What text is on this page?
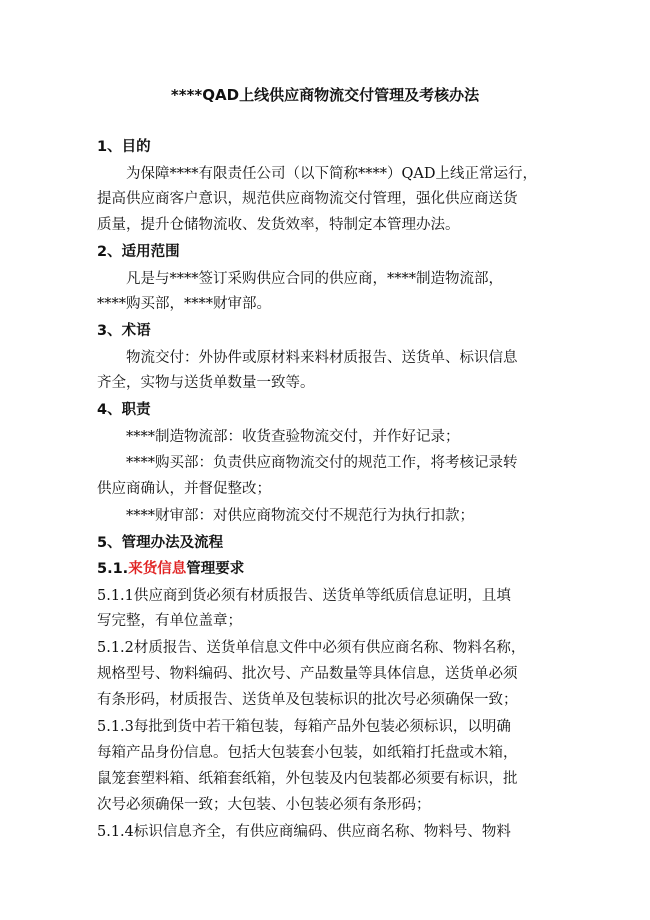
****QAD上线供应商物流交付管理及考核办法
1、目的
为保障****有限责任公司（以下简称****）QAD上线正常运行，
提高供应商客户意识，规范供应商物流交付管理，强化供应商送货
质量，提升仓储物流收、发货效率，特制定本管理办法。
2、适用范围
凡是与****签订采购供应合同的供应商，****制造物流部，
****购买部，****财审部。
3、术语
物流交付：外协件或原材料来料材质报告、送货单、标识信息
齐全，实物与送货单数量一致等。
4、职责
****制造物流部：收货查验物流交付，并作好记录；
****购买部：负责供应商物流交付的规范工作，将考核记录转
供应商确认，并督促整改；
****财审部：对供应商物流交付不规范行为执行扣款；
5、管理办法及流程
5.1.来货信息管理要求
5.1.1供应商到货必须有材质报告、送货单等纸质信息证明，且填
写完整，有单位盖章；
5.1.2材质报告、送货单信息文件中必须有供应商名称、物料名称，
规格型号、物料编码、批次号、产品数量等具体信息，送货单必须
有条形码，材质报告、送货单及包装标识的批次号必须确保一致；
5.1.3每批到货中若干箱包装，每箱产品外包装必须标识，以明确
每箱产品身份信息。包括大包装套小包装，如纸箱打托盘或木箱，
鼠笼套塑料箱、纸箱套纸箱，外包装及内包装都必须要有标识，批
次号必须确保一致；大包装、小包装必须有条形码；
5.1.4标识信息齐全，有供应商编码、供应商名称、物料号、物料
